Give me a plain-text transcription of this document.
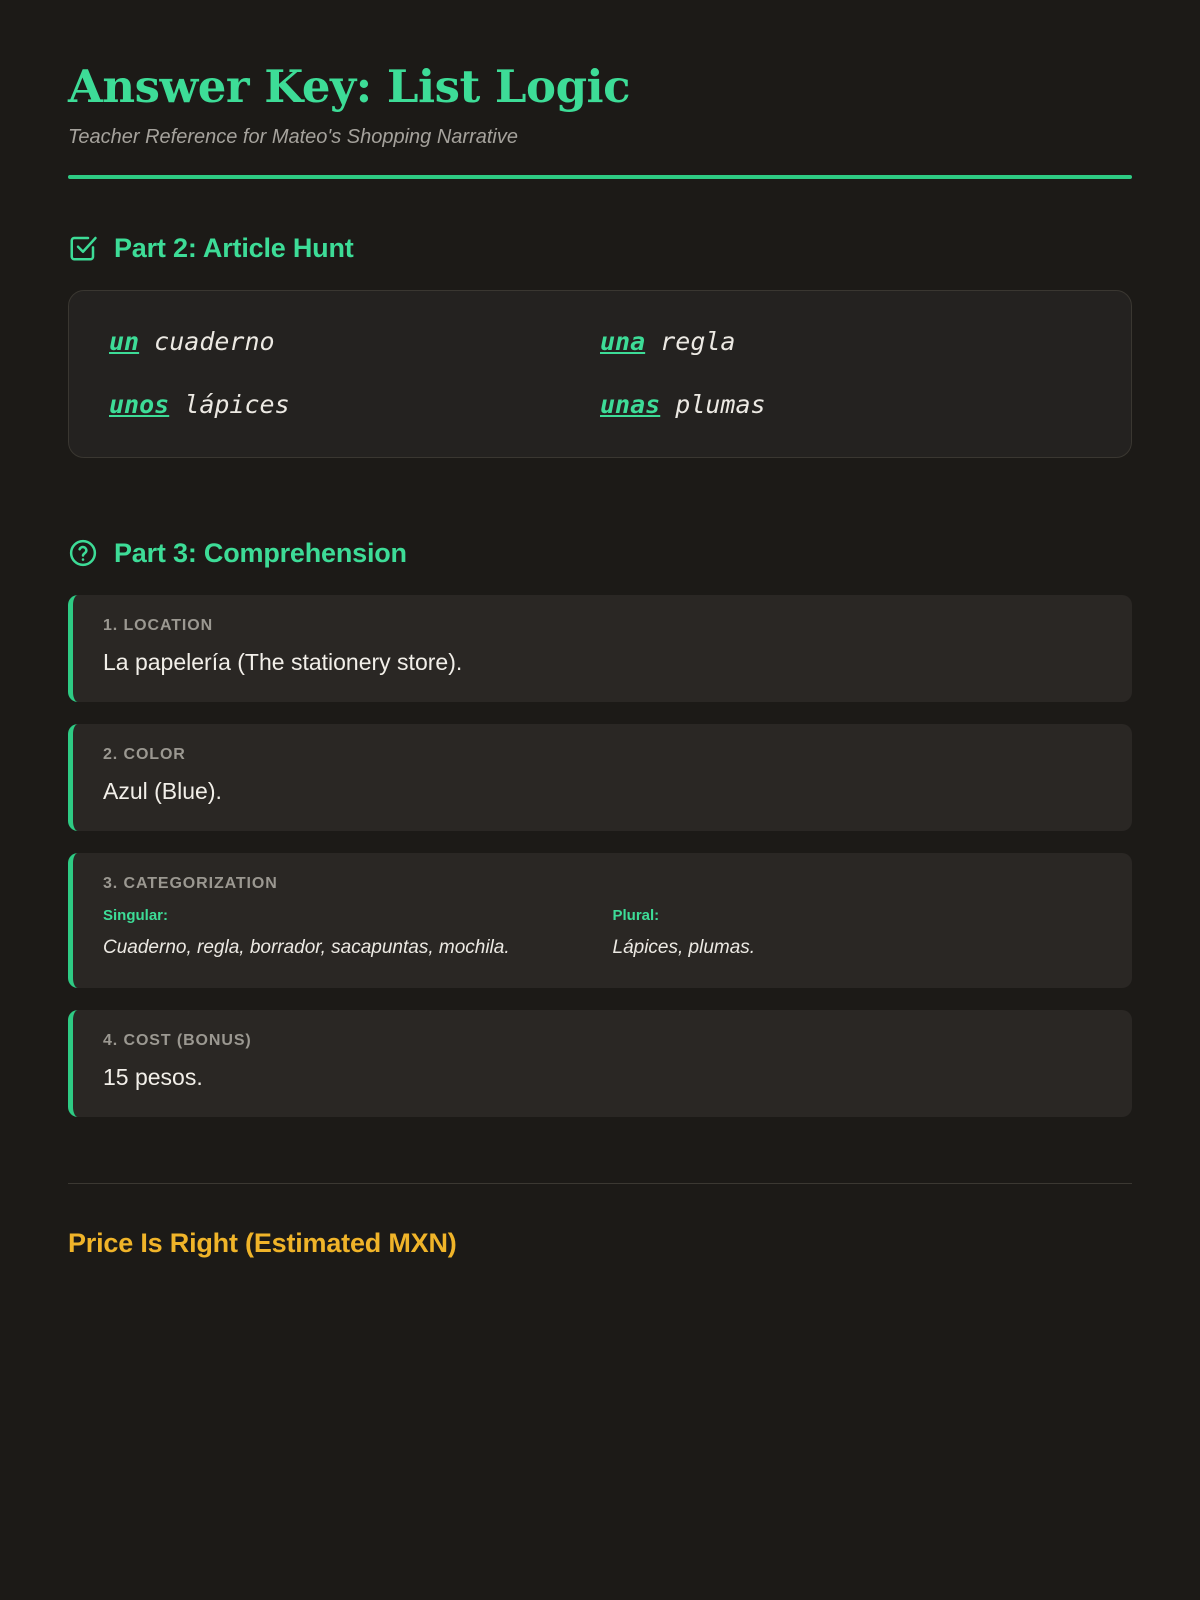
Answer Key: List Logic
Teacher Reference for Mateo's Shopping Narrative
Part 2: Article Hunt
un cuaderno	una regla
unos lápices	unas plumas
Part 3: Comprehension
1. LOCATION
La papelería (The stationery store).
2. COLOR
Azul (Blue).
3. CATEGORIZATION
Singular:
Cuaderno, regla, borrador, sacapuntas, mochila.
Plural:
Lápices, plumas.
4. COST (BONUS)
15 pesos.
Price Is Right (Estimated MXN)
